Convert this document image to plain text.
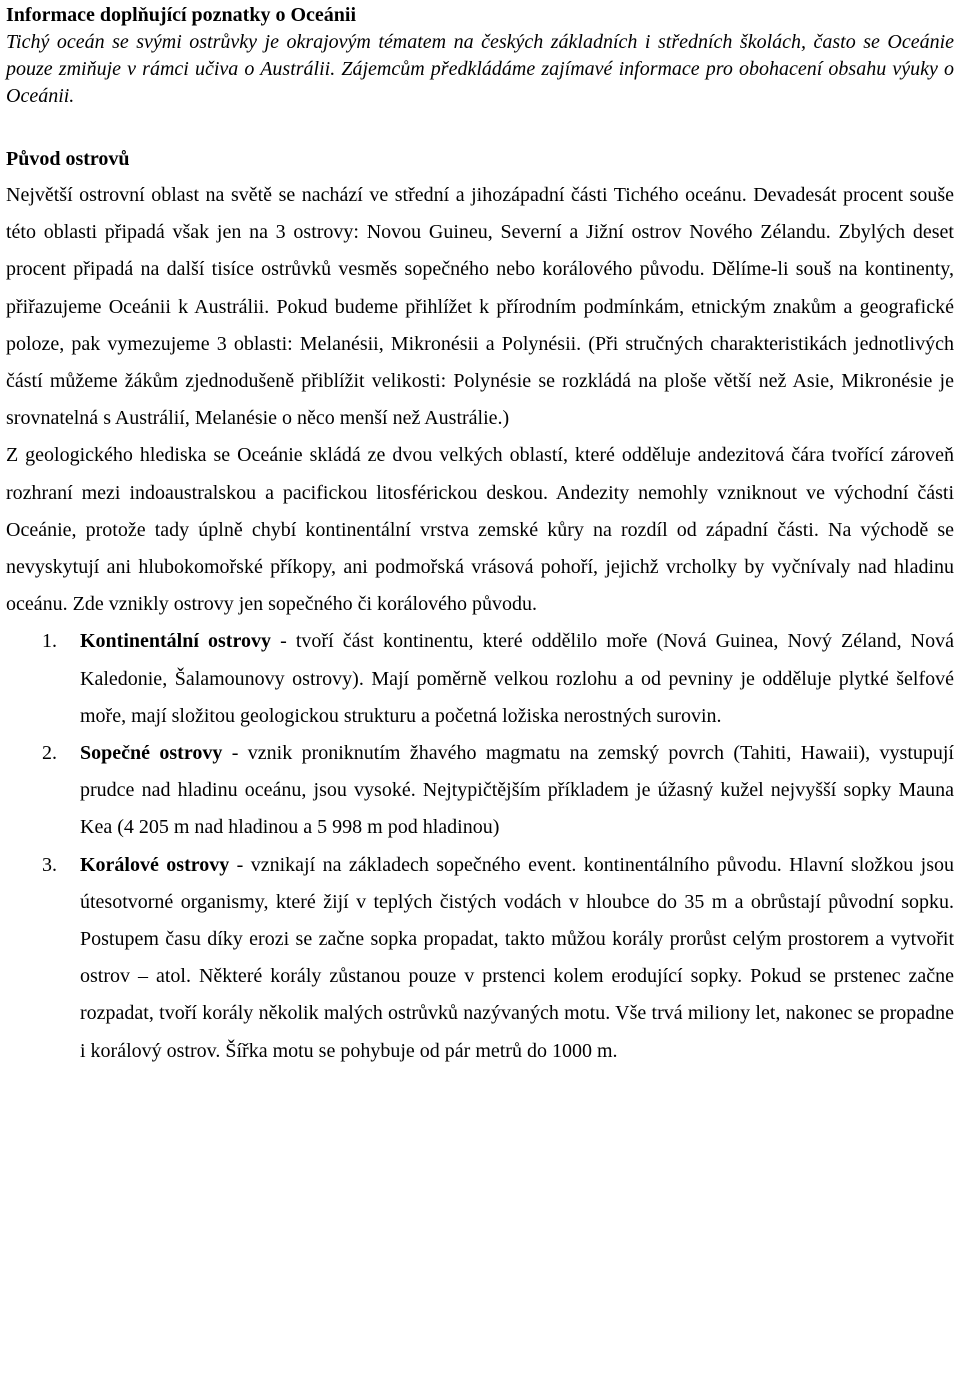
Informace doplňující poznatky o Oceánii

Tichý oceán se svými ostrůvky je okrajovým tématem na českých základních i středních školách, často se Oceánie pouze zmiňuje v rámci učiva o Austrálii. Zájemcům předkládáme zajímavé informace pro obohacení obsahu výuky o Oceánii.

Původ ostrovů

Největší ostrovní oblast na světě se nachází ve střední a jihozápadní části Tichého oceánu. Devadesát procent souše této oblasti připadá však jen na 3 ostrovy: Novou Guineu, Severní a Jižní ostrov Nového Zélandu. Zbylých deset procent připadá na další tisíce ostrůvků vesměs sopečného nebo korálového původu. Dělíme-li souš na kontinenty, přiřazujeme Oceánii k Austrálii. Pokud budeme přihlížet k přírodním podmínkám, etnickým znakům a geografické poloze, pak vymezujeme 3 oblasti: Melanésii, Mikronésii a Polynésii. (Při stručných charakteristikách jednotlivých částí můžeme žákům zjednodušeně přiblížit velikosti: Polynésie se rozkládá na ploše větší než Asie, Mikronésie je srovnatelná s Austrálií, Melanésie o něco menší než Austrálie.)

Z geologického hlediska se Oceánie skládá ze dvou velkých oblastí, které odděluje andezitová čára tvořící zároveň rozhraní mezi indoaustralskou a pacifickou litosférickou deskou. Andezity nemohly vzniknout ve východní části Oceánie, protože tady úplně chybí kontinentální vrstva zemské kůry na rozdíl od západní části. Na východě se nevyskytují ani hlubokomořské příkopy, ani podmořská vrásová pohoří, jejichž vrcholky by vyčnívaly nad hladinu oceánu. Zde vznikly ostrovy jen sopečného či korálového původu.

1. Kontinentální ostrovy - tvoří část kontinentu, které oddělilo moře (Nová Guinea, Nový Zéland, Nová Kaledonie, Šalamounovy ostrovy). Mají poměrně velkou rozlohu a od pevniny je odděluje plytké šelfové moře, mají složitou geologickou strukturu a početná ložiska nerostných surovin.
2. Sopečné ostrovy - vznik proniknutím žhavého magmatu na zemský povrch (Tahiti, Hawaii), vystupují prudce nad hladinu oceánu, jsou vysoké. Nejtypičtějším příkladem je úžasný kužel nejvyšší sopky Mauna Kea (4 205 m nad hladinou a 5 998 m pod hladinou)
3. Korálové ostrovy - vznikají na základech sopečného event. kontinentálního původu. Hlavní složkou jsou útesotvorné organismy, které žijí v teplých čistých vodách v hloubce do 35 m a obrůstají původní sopku. Postupem času díky erozi se začne sopka propadat, takto můžou korály prorůst celým prostorem a vytvořit ostrov – atol. Některé korály zůstanou pouze v prstenci kolem erodující sopky. Pokud se prstenec začne rozpadat, tvoří korály několik malých ostrůvků nazývaných motu. Vše trvá miliony let, nakonec se propadne i korálový ostrov. Šířka motu se pohybuje od pár metrů do 1000 m.
